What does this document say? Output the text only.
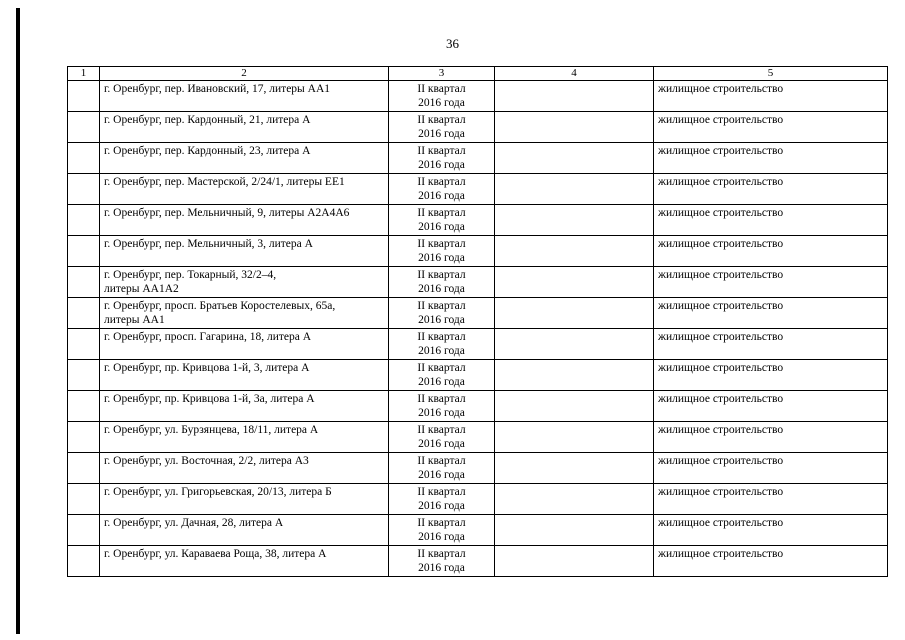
36
1	2	3	4	5

	г. Оренбург, пер. Ивановский, 17, литеры АА1	II квартал
2016 года		жилищное строительство

	г. Оренбург, пер. Кардонный, 21, литера А	II квартал
2016 года		жилищное строительство

	г. Оренбург, пер. Кардонный, 23, литера А	II квартал
2016 года		жилищное строительство

	г. Оренбург, пер. Мастерской, 2/24/1, литеры ЕЕ1	II квартал
2016 года		жилищное строительство

	г. Оренбург, пер. Мельничный, 9, литеры А2А4А6	II квартал
2016 года		жилищное строительство

	г. Оренбург, пер. Мельничный, 3, литера А	II квартал
2016 года		жилищное строительство

	г. Оренбург, пер. Токарный, 32/2–4,
литеры АА1А2	II квартал
2016 года		жилищное строительство

	г. Оренбург, просп. Братьев Коростелевых, 65а,
литеры АА1	II квартал
2016 года		жилищное строительство

	г. Оренбург, просп. Гагарина, 18, литера А	II квартал
2016 года		жилищное строительство

	г. Оренбург, пр. Кривцова 1-й, 3, литера А	II квартал
2016 года		жилищное строительство

	г. Оренбург, пр. Кривцова 1-й, 3а, литера А	II квартал
2016 года		жилищное строительство

	г. Оренбург, ул. Бурзянцева, 18/11, литера А	II квартал
2016 года		жилищное строительство

	г. Оренбург, ул. Восточная, 2/2, литера А3	II квартал
2016 года		жилищное строительство

	г. Оренбург, ул. Григорьевская, 20/13, литера Б	II квартал
2016 года		жилищное строительство

	г. Оренбург, ул. Дачная, 28, литера А	II квартал
2016 года		жилищное строительство

	г. Оренбург, ул. Караваева Роща, 38, литера А	II квартал
2016 года		жилищное строительство
